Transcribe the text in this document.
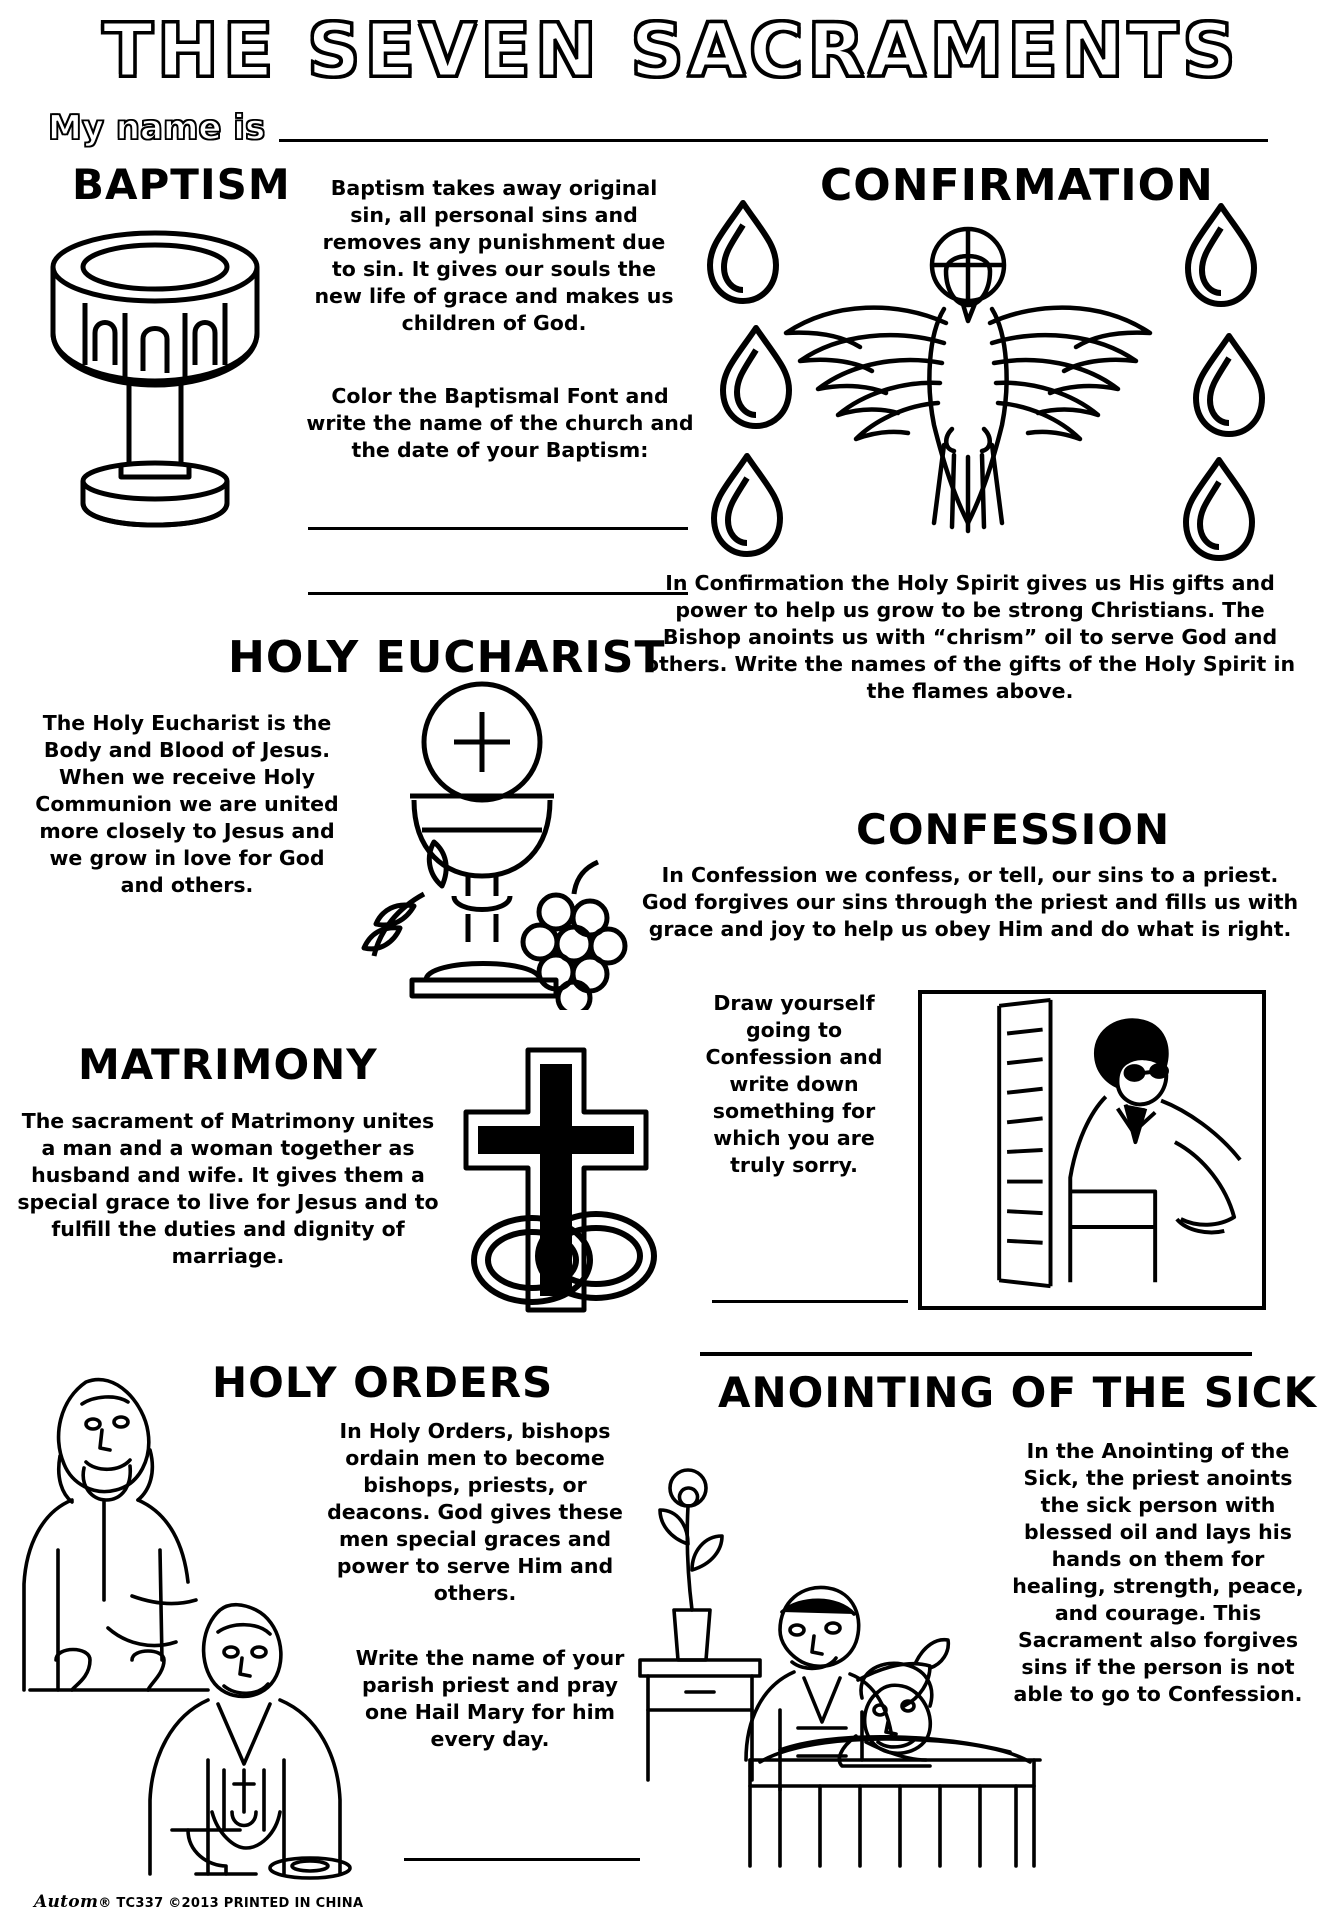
THE SEVEN SACRAMENTS
My name is
BAPTISM	Baptism takes away original sin, all personal sins and removes any punishment due to sin. It gives our souls the new life of grace and makes us children of God.
Color the Baptismal Font and write the name of the church and the date of your Baptism:
CONFIRMATION
In Confirmation the Holy Spirit gives us His gifts and power to help us grow to be strong Christians. The Bishop anoints us with “chrism” oil to serve God and others. Write the names of the gifts of the Holy Spirit in the flames above.
HOLY EUCHARIST
The Holy Eucharist is the Body and Blood of Jesus. When we receive Holy Communion we are united more closely to Jesus and we grow in love for God and others.
CONFESSION
In Confession we confess, or tell, our sins to a priest. God forgives our sins through the priest and fills us with grace and joy to help us obey Him and do what is right.
Draw yourself going to Confession and write down something for which you are truly sorry.
MATRIMONY
The sacrament of Matrimony unites a man and a woman together as husband and wife. It gives them a special grace to live for Jesus and to fulfill the duties and dignity of marriage.
HOLY ORDERS
In Holy Orders, bishops ordain men to become bishops, priests, or deacons. God gives these men special graces and power to serve Him and others.
Write the name of your parish priest and pray one Hail Mary for him every day.
ANOINTING OF THE SICK
In the Anointing of the Sick, the priest anoints the sick person with blessed oil and lays his hands on them for healing, strength, peace, and courage. This Sacrament also forgives sins if the person is not able to go to Confession.
Autom® TC337 ©2013 PRINTED IN CHINA
